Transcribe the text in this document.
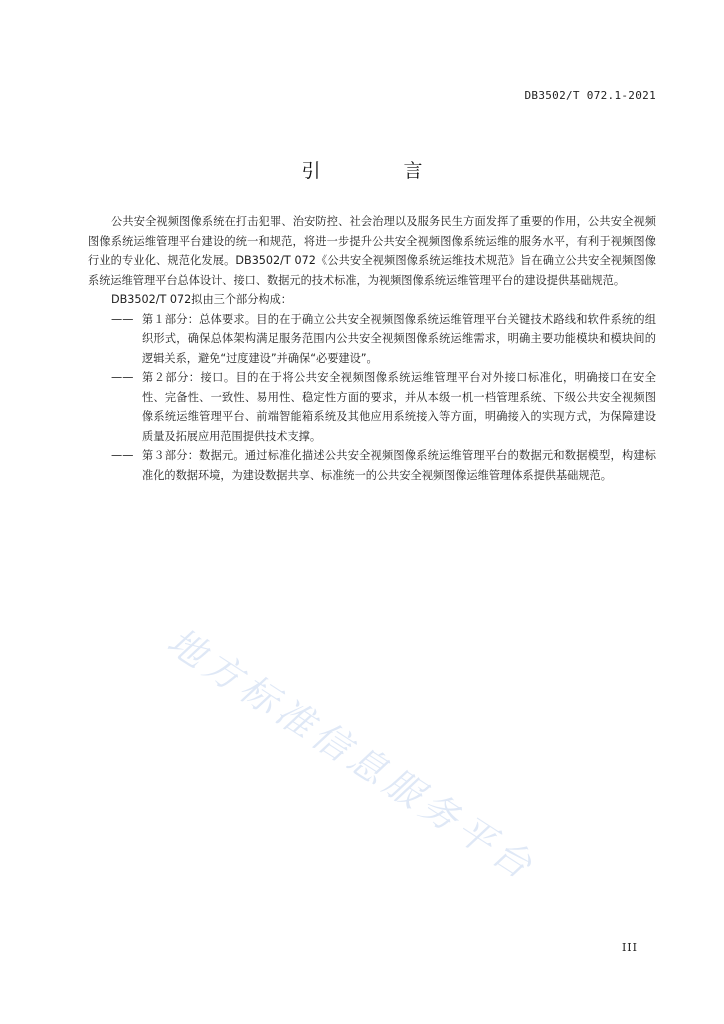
DB3502/T 072.1-2021
引　言

公共安全视频图像系统在打击犯罪、治安防控、社会治理以及服务民生方面发挥了重要的作用，公共安全视频图像系统运维管理平台建设的统一和规范，将进一步提升公共安全视频图像系统运维的服务水平，有利于视频图像行业的专业化、规范化发展。DB3502/T 072《公共安全视频图像系统运维技术规范》旨在确立公共安全视频图像系统运维管理平台总体设计、接口、数据元的技术标准，为视频图像系统运维管理平台的建设提供基础规范。

DB3502/T 072拟由三个部分构成：

—— 第１部分：总体要求。目的在于确立公共安全视频图像系统运维管理平台关键技术路线和软件系统的组织形式，确保总体架构满足服务范围内公共安全视频图像系统运维需求，明确主要功能模块和模块间的逻辑关系，避免“过度建设”并确保“必要建设”。
—— 第２部分：接口。目的在于将公共安全视频图像系统运维管理平台对外接口标准化，明确接口在安全性、完备性、一致性、易用性、稳定性方面的要求，并从本级一机一档管理系统、下级公共安全视频图像系统运维管理平台、前端智能箱系统及其他应用系统接入等方面，明确接入的实现方式，为保障建设质量及拓展应用范围提供技术支撑。
—— 第３部分：数据元。通过标准化描述公共安全视频图像系统运维管理平台的数据元和数据模型，构建标准化的数据环境，为建设数据共享、标准统一的公共安全视频图像运维管理体系提供基础规范。
地方标准信息服务平台
III
